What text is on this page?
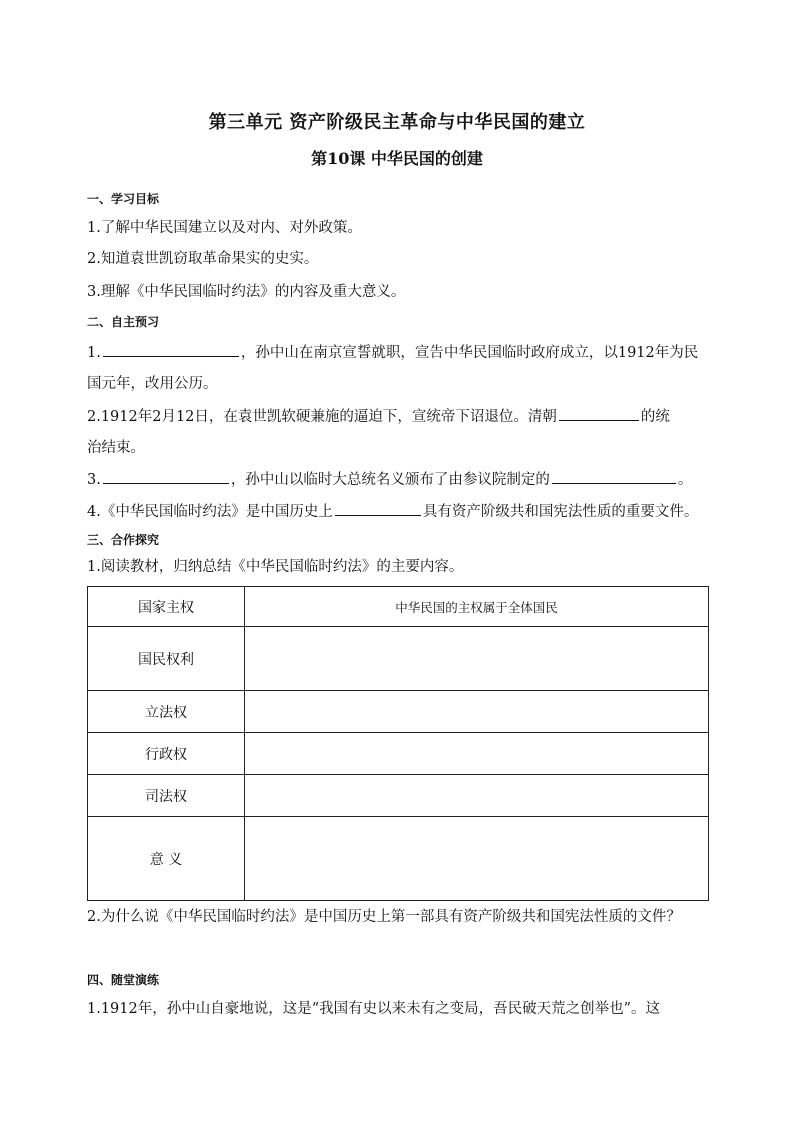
第三单元 资产阶级民主革命与中华民国的建立
第10课 中华民国的创建
一、学习目标
1.了解中华民国建立以及对内、对外政策。
2.知道袁世凯窃取革命果实的史实。
3.理解《中华民国临时约法》的内容及重大意义。
二、自主预习
1.	，孙中山在南京宣誓就职，宣告中华民国临时政府成立，以1912年为民
国元年，改用公历。
2.1912年2月12日，在袁世凯软硬兼施的逼迫下，宣统帝下诏退位。清朝	的统
治结束。
3.	，孙中山以临时大总统名义颁布了由参议院制定的	。
4.《中华民国临时约法》是中国历史上	具有资产阶级共和国宪法性质的重要文件。
三、合作探究
1.阅读教材，归纳总结《中华民国临时约法》的主要内容。
国家主权	中华民国的主权属于全体国民
国民权利	
立法权	
行政权	
司法权	
意 义	
2.为什么说《中华民国临时约法》是中国历史上第一部具有资产阶级共和国宪法性质的文件？
四、随堂演练
1.1912年，孙中山自豪地说，这是“我国有史以来未有之变局，吾民破天荒之创举也”。这
